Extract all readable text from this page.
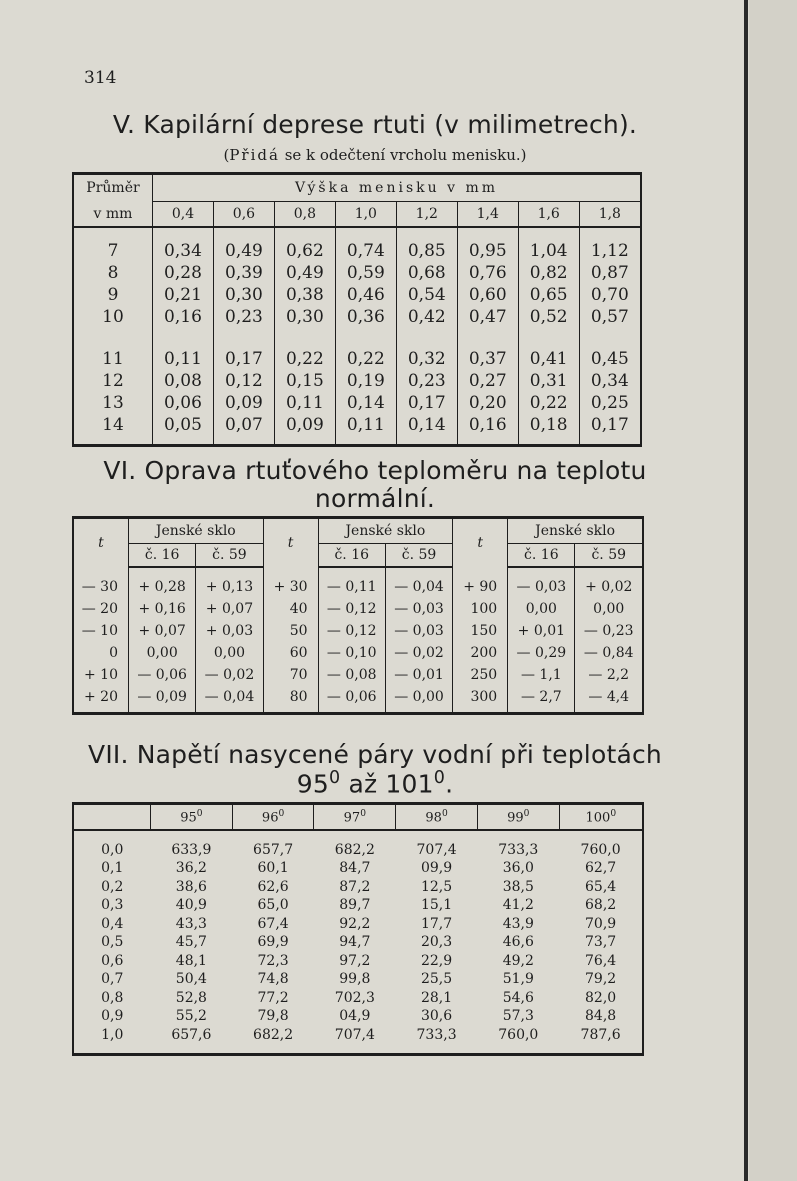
314
V. Kapilární deprese rtuti (v milimetrech).
(Přidá se k odečtení vrcholu menisku.)
Průměr	Výška menisku v mm							
v mm	0,4	0,6	0,8	1,0	1,2	1,4	1,6	1,8
7	0,34	0,49	0,62	0,74	0,85	0,95	1,04	1,12
8	0,28	0,39	0,49	0,59	0,68	0,76	0,82	0,87
9	0,21	0,30	0,38	0,46	0,54	0,60	0,65	0,70
10	0,16	0,23	0,30	0,36	0,42	0,47	0,52	0,57
11	0,11	0,17	0,22	0,22	0,32	0,37	0,41	0,45
12	0,08	0,12	0,15	0,19	0,23	0,27	0,31	0,34
13	0,06	0,09	0,11	0,14	0,17	0,20	0,22	0,25
14	0,05	0,07	0,09	0,11	0,14	0,16	0,18	0,17
VI. Oprava rtuťového teploměru na teplotu
normální.
t	Jenské sklo		t	Jenské sklo		t	Jenské sklo	
	č. 16	č. 59		č. 16	č. 59		č. 16	č. 59
— 30	+ 0,28	+ 0,13	+ 30	— 0,11	— 0,04	+ 90	— 0,03	+ 0,02
— 20	+ 0,16	+ 0,07	40	— 0,12	— 0,03	100	0,00	0,00
— 10	+ 0,07	+ 0,03	50	— 0,12	— 0,03	150	+ 0,01	— 0,23
0	0,00	0,00	60	— 0,10	— 0,02	200	— 0,29	— 0,84
+ 10	— 0,06	— 0,02	70	— 0,08	— 0,01	250	— 1,1	— 2,2
+ 20	— 0,09	— 0,04	80	— 0,06	— 0,00	300	— 2,7	— 4,4
VII. Napětí nasycené páry vodní při teplotách
$95^0$ až $101^0$.
	$95^0$	$96^0$	$97^0$	$98^0$	$99^0$	$100^0$
0,0	633,9	657,7	682,2	707,4	733,3	760,0
0,1	36,2	60,1	84,7	09,9	36,0	62,7
0,2	38,6	62,6	87,2	12,5	38,5	65,4
0,3	40,9	65,0	89,7	15,1	41,2	68,2
0,4	43,3	67,4	92,2	17,7	43,9	70,9
0,5	45,7	69,9	94,7	20,3	46,6	73,7
0,6	48,1	72,3	97,2	22,9	49,2	76,4
0,7	50,4	74,8	99,8	25,5	51,9	79,2
0,8	52,8	77,2	702,3	28,1	54,6	82,0
0,9	55,2	79,8	04,9	30,6	57,3	84,8
1,0	657,6	682,2	707,4	733,3	760,0	787,6
